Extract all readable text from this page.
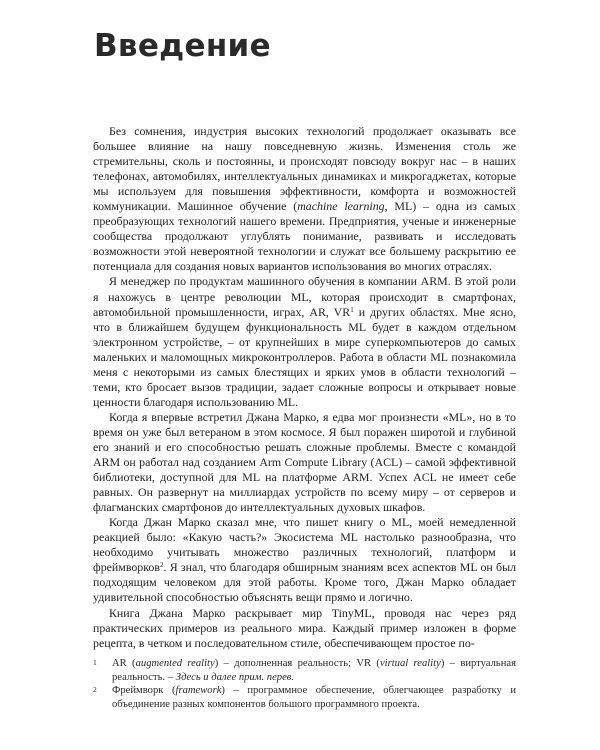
Введение

Без сомнения, индустрия высоких технологий продолжает оказывать все большее влияние на нашу повседневную жизнь. Изменения столь же стремительны, сколь и постоянны, и происходят повсюду вокруг нас – в наших телефонах, автомобилях, интеллектуальных динамиках и микрогаджетах, которые мы используем для повышения эффективности, комфорта и возможностей коммуникации. Машинное обучение (machine learning, ML) – одна из самых преобразующих технологий нашего времени. Предприятия, ученые и инженерные сообщества продолжают углублять понимание, развивать и исследовать возможности этой невероятной технологии и служат все большему раскрытию ее потенциала для создания новых вариантов использования во многих отраслях.

Я менеджер по продуктам машинного обучения в компании ARM. В этой роли я нахожусь в центре революции ML, которая происходит в смартфонах, автомобильной промышленности, играх, AR, $VR^1$ и других областях. Мне ясно, что в ближайшем будущем функциональность ML будет в каждом отдельном электронном устройстве, – от крупнейших в мире суперкомпьютеров до самых маленьких и маломощных микроконтроллеров. Работа в области ML познакомила меня с некоторыми из самых блестящих и ярких умов в области технологий – теми, кто бросает вызов традиции, задает сложные вопросы и открывает новые ценности благодаря использованию ML.

Когда я впервые встретил Джана Марко, я едва мог произнести «ML», но в то время он уже был ветераном в этом космосе. Я был поражен широтой и глубиной его знаний и его способностью решать сложные проблемы. Вместе с командой ARM он работал над созданием Arm Compute Library (ACL) – самой эффективной библиотеки, доступной для ML на платформе ARM. Успех ACL не имеет себе равных. Он развернут на миллиардах устройств по всему миру – от серверов и флагманских смартфонов до интеллектуальных духовых шкафов.

Когда Джан Марко сказал мне, что пишет книгу о ML, моей немедленной реакцией было: «Какую часть?» Экосистема ML настолько разнообразна, что необходимо учитывать множество различных технологий, платформ и фреймворков$^2$. Я знал, что благодаря обширным знаниям всех аспектов ML он был подходящим человеком для этой работы. Кроме того, Джан Марко обладает удивительной способностью объяснять вещи прямо и логично.

Книга Джана Марко раскрывает мир TinyML, проводя нас через ряд практических примеров из реального мира. Каждый пример изложен в форме рецепта, в четком и последовательном стиле, обеспечивающем простое по-

1 AR (augmented reality) – дополненная реальность; VR (virtual reality) – виртуальная реальность. – Здесь и далее прим. перев.

2 Фреймворк (framework) – программное обеспечение, облегчающее разработку и объединение разных компонентов большого программного проекта.
